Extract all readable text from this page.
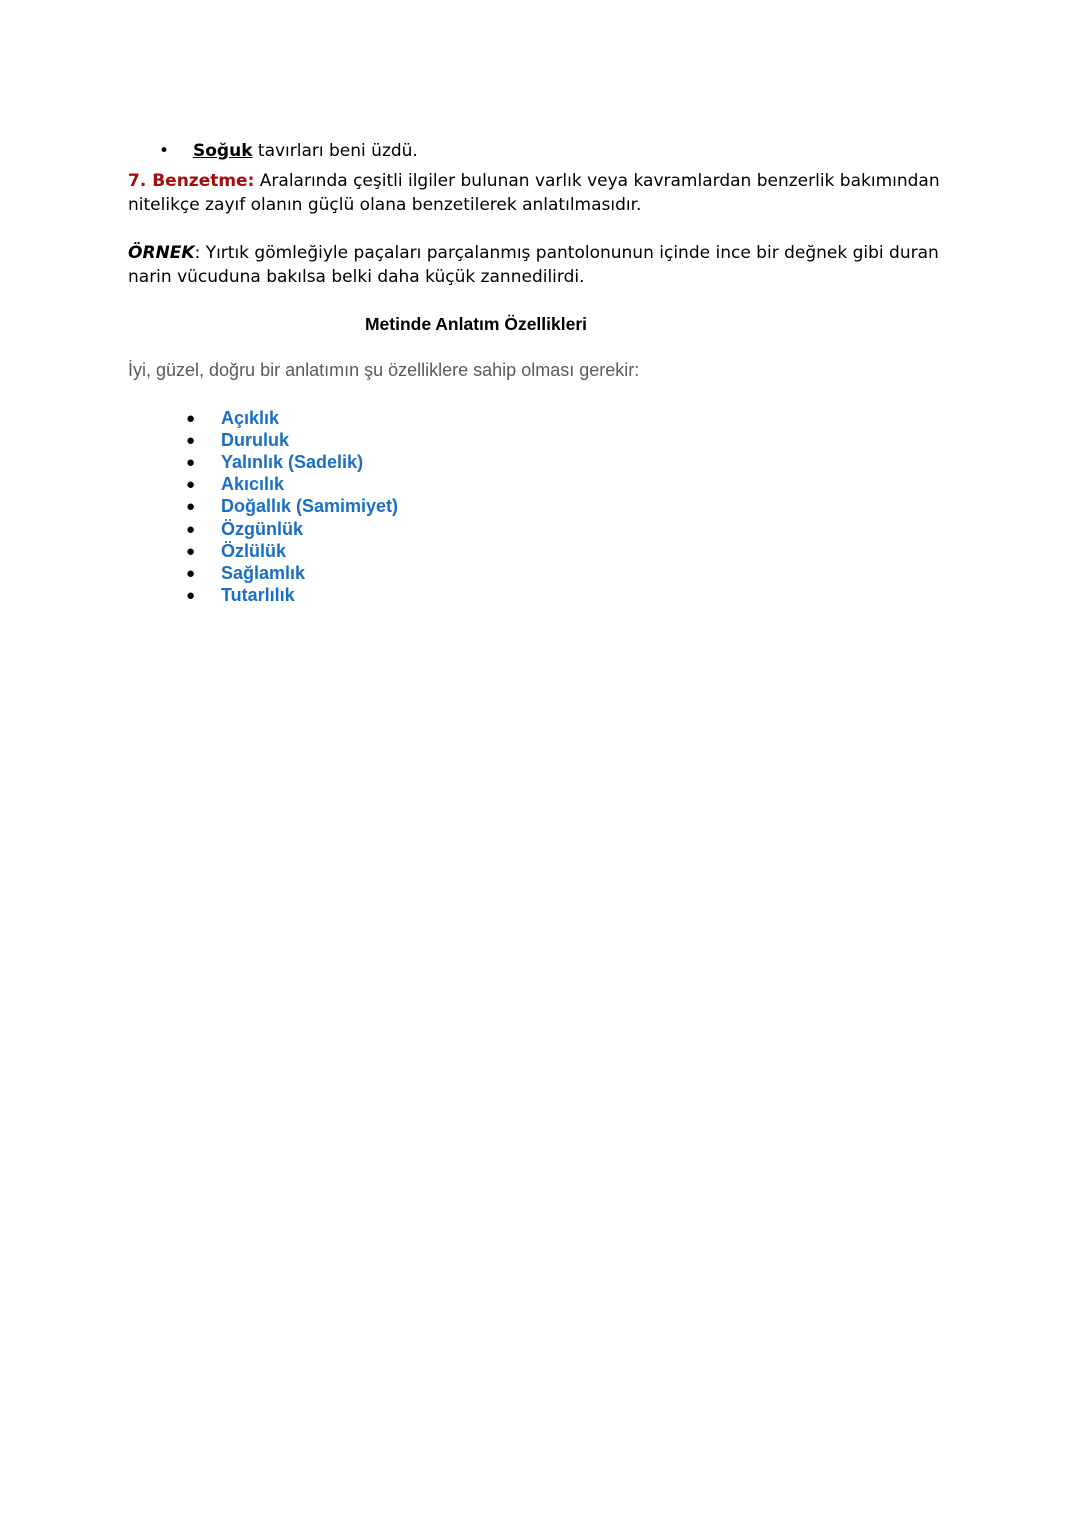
• Soğuk tavırları beni üzdü.
7. Benzetme: Aralarında çeşitli ilgiler bulunan varlık veya kavramlardan benzerlik bakımından nitelikçe zayıf olanın güçlü olana benzetilerek anlatılmasıdır.
ÖRNEK: Yırtık gömleğiyle paçaları parçalanmış pantolonunun içinde ince bir değnek gibi duran narin vücuduna bakılsa belki daha küçük zannedilirdi.
Metinde Anlatım Özellikleri
İyi, güzel, doğru bir anlatımın şu özelliklere sahip olması gerekir:
●	Açıklık
●	Duruluk
●	Yalınlık (Sadelik)
●	Akıcılık
●	Doğallık (Samimiyet)
●	Özgünlük
●	Özlülük
●	Sağlamlık
●	Tutarlılık
